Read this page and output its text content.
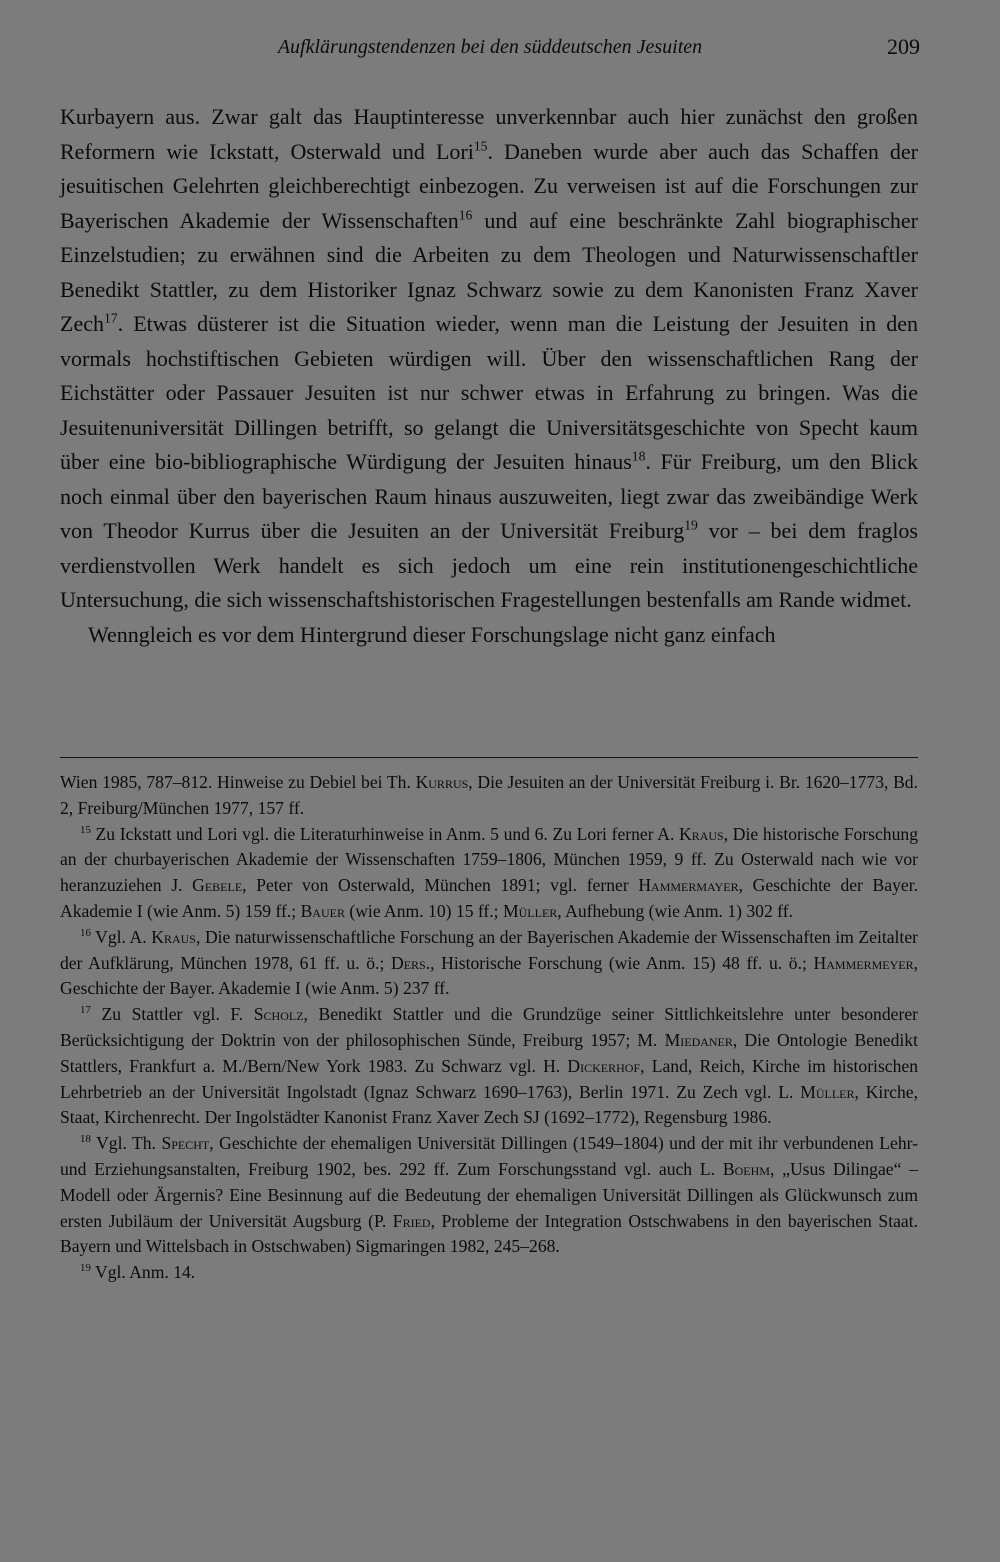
Aufklärungstendenzen bei den süddeutschen Jesuiten	209

Kurbayern aus. Zwar galt das Hauptinteresse unverkennbar auch hier zunächst den großen Reformern wie Ickstatt, Osterwald und Lori$^{15}$. Daneben wurde aber auch das Schaffen der jesuitischen Gelehrten gleichberechtigt einbezogen. Zu verweisen ist auf die Forschungen zur Bayerischen Akademie der Wissenschaften$^{16}$ und auf eine beschränkte Zahl biographischer Einzelstudien; zu erwähnen sind die Arbeiten zu dem Theologen und Naturwissenschaftler Benedikt Stattler, zu dem Historiker Ignaz Schwarz sowie zu dem Kanonisten Franz Xaver Zech$^{17}$. Etwas düsterer ist die Situation wieder, wenn man die Leistung der Jesuiten in den vormals hochstiftischen Gebieten würdigen will. Über den wissenschaftlichen Rang der Eichstätter oder Passauer Jesuiten ist nur schwer etwas in Erfahrung zu bringen. Was die Jesuitenuniversität Dillingen betrifft, so gelangt die Universitätsgeschichte von Specht kaum über eine bio-bibliographische Würdigung der Jesuiten hinaus$^{18}$. Für Freiburg, um den Blick noch einmal über den bayerischen Raum hinaus auszuweiten, liegt zwar das zweibändige Werk von Theodor Kurrus über die Jesuiten an der Universität Freiburg$^{19}$ vor – bei dem fraglos verdienstvollen Werk handelt es sich jedoch um eine rein institutionengeschichtliche Untersuchung, die sich wissenschaftshistorischen Fragestellungen bestenfalls am Rande widmet.

Wenngleich es vor dem Hintergrund dieser Forschungslage nicht ganz einfach

Wien 1985, 787–812. Hinweise zu Debiel bei Th. Kurrus, Die Jesuiten an der Universität Freiburg i. Br. 1620–1773, Bd. 2, Freiburg/München 1977, 157 ff.

$^{15}$ Zu Ickstatt und Lori vgl. die Literaturhinweise in Anm. 5 und 6. Zu Lori ferner A. Kraus, Die historische Forschung an der churbayerischen Akademie der Wissenschaften 1759–1806, München 1959, 9 ff. Zu Osterwald nach wie vor heranzuziehen J. Gebele, Peter von Osterwald, München 1891; vgl. ferner Hammermayer, Geschichte der Bayer. Akademie I (wie Anm. 5) 159 ff.; Bauer (wie Anm. 10) 15 ff.; Müller, Aufhebung (wie Anm. 1) 302 ff.

$^{16}$ Vgl. A. Kraus, Die naturwissenschaftliche Forschung an der Bayerischen Akademie der Wissenschaften im Zeitalter der Aufklärung, München 1978, 61 ff. u. ö.; Ders., Historische Forschung (wie Anm. 15) 48 ff. u. ö.; Hammermeyer, Geschichte der Bayer. Akademie I (wie Anm. 5) 237 ff.

$^{17}$ Zu Stattler vgl. F. Scholz, Benedikt Stattler und die Grundzüge seiner Sittlichkeitslehre unter besonderer Berücksichtigung der Doktrin von der philosophischen Sünde, Freiburg 1957; M. Miedaner, Die Ontologie Benedikt Stattlers, Frankfurt a. M./Bern/New York 1983. Zu Schwarz vgl. H. Dickerhof, Land, Reich, Kirche im historischen Lehrbetrieb an der Universität Ingolstadt (Ignaz Schwarz 1690–1763), Berlin 1971. Zu Zech vgl. L. Müller, Kirche, Staat, Kirchenrecht. Der Ingolstädter Kanonist Franz Xaver Zech SJ (1692–1772), Regensburg 1986.

$^{18}$ Vgl. Th. Specht, Geschichte der ehemaligen Universität Dillingen (1549–1804) und der mit ihr verbundenen Lehr- und Erziehungsanstalten, Freiburg 1902, bes. 292 ff. Zum Forschungsstand vgl. auch L. Boehm, „Usus Dilingae“ – Modell oder Ärgernis? Eine Besinnung auf die Bedeutung der ehemaligen Universität Dillingen als Glückwunsch zum ersten Jubiläum der Universität Augsburg (P. Fried, Probleme der Integration Ostschwabens in den bayerischen Staat. Bayern und Wittelsbach in Ostschwaben) Sigmaringen 1982, 245–268.

$^{19}$ Vgl. Anm. 14.
